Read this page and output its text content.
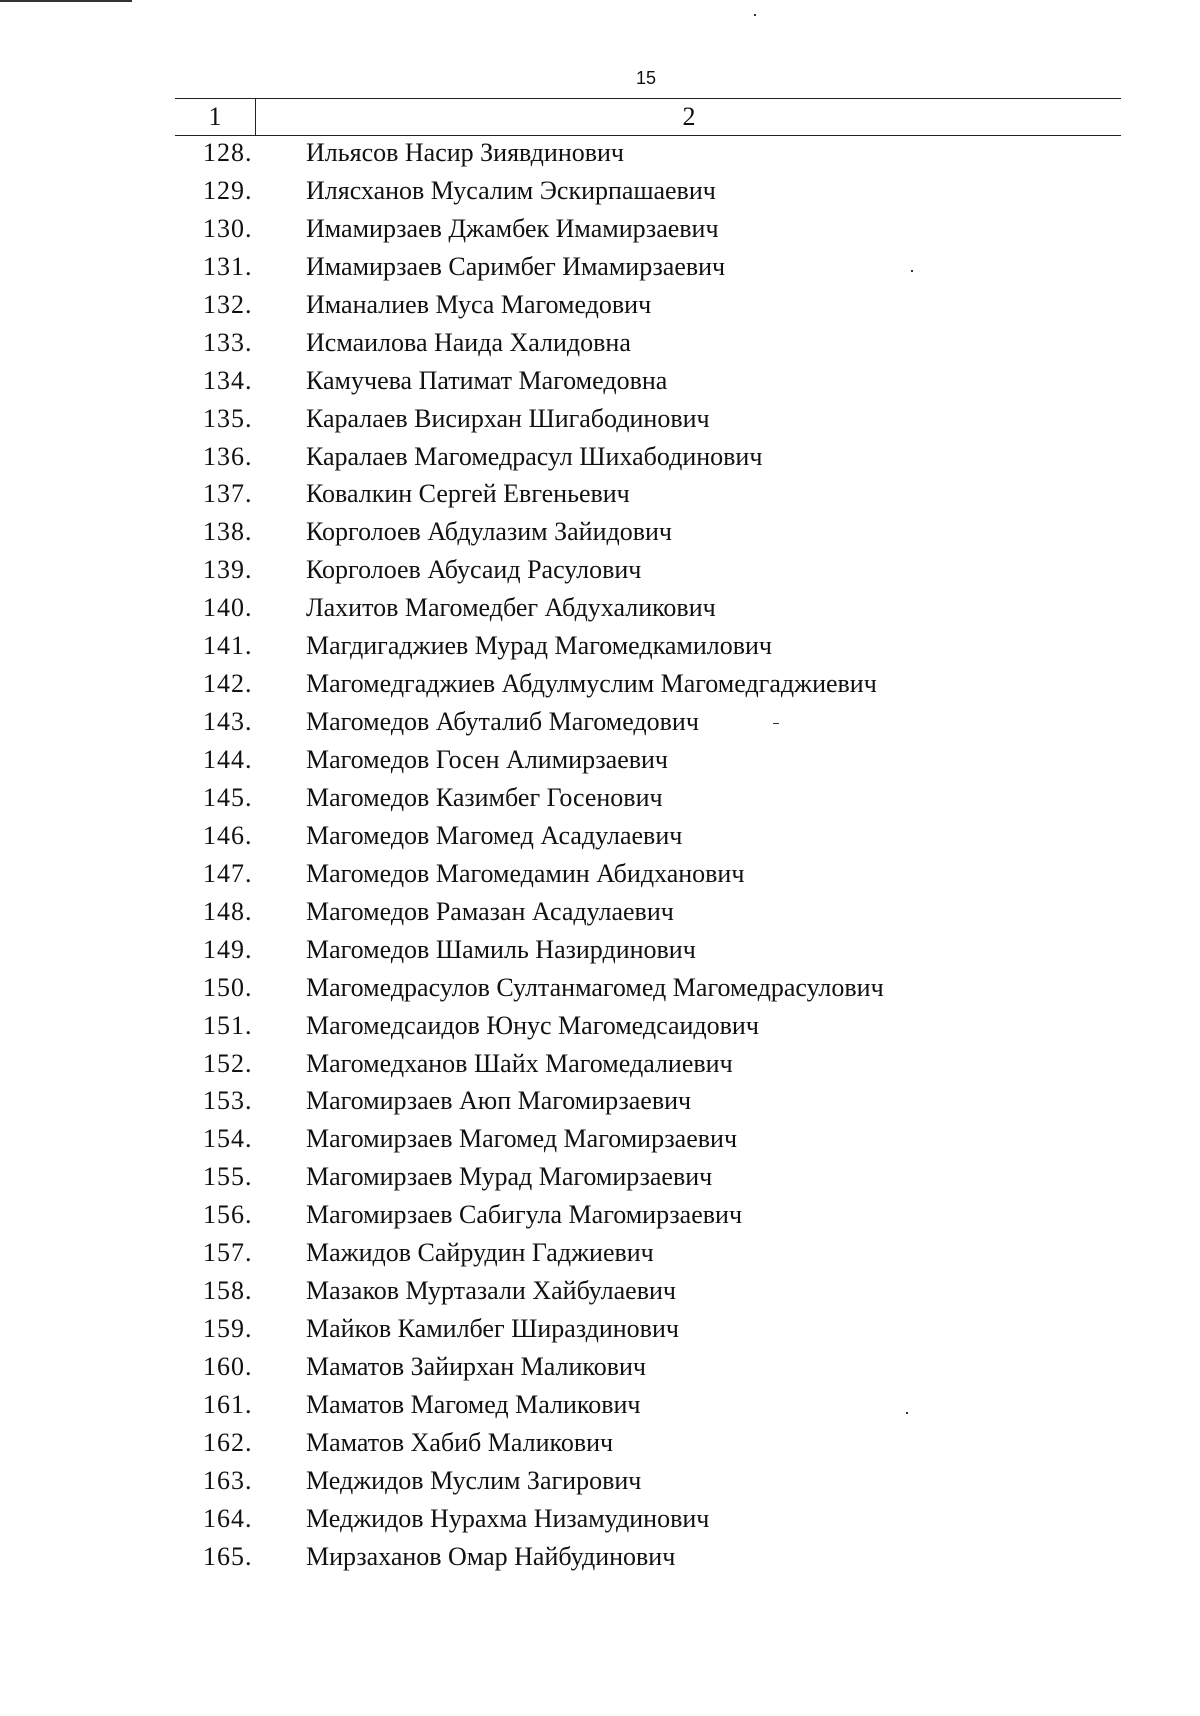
15
1	2
128. Ильясов Насир Зиявдинович
129. Илясханов Мусалим Эскирпашаевич
130. Имамирзаев Джамбек Имамирзаевич
131. Имамирзаев Саримбег Имамирзаевич
132. Иманалиев Муса Магомедович
133. Исмаилова Наида Халидовна
134. Камучева Патимат Магомедовна
135. Каралаев Висирхан Шигабодинович
136. Каралаев Магомедрасул Шихабодинович
137. Ковалкин Сергей Евгеньевич
138. Корголоев Абдулазим Зайидович
139. Корголоев Абусаид Расулович
140. Лахитов Магомедбег Абдухаликович
141. Магдигаджиев Мурад Магомедкамилович
142. Магомедгаджиев Абдулмуслим Магомедгаджиевич
143. Магомедов Абуталиб Магомедович
144. Магомедов Госен Алимирзаевич
145. Магомедов Казимбег Госенович
146. Магомедов Магомед Асадулаевич
147. Магомедов Магомедамин Абидханович
148. Магомедов Рамазан Асадулаевич
149. Магомедов Шамиль Назирдинович
150. Магомедрасулов Султанмагомед Магомедрасулович
151. Магомедсаидов Юнус Магомедсаидович
152. Магомедханов Шайх Магомедалиевич
153. Магомирзаев Аюп Магомирзаевич
154. Магомирзаев Магомед Магомирзаевич
155. Магомирзаев Мурад Магомирзаевич
156. Магомирзаев Сабигула Магомирзаевич
157. Мажидов Сайрудин Гаджиевич
158. Мазаков Муртазали Хайбулаевич
159. Майков Камилбег Шираздинович
160. Маматов Зайирхан Маликович
161. Маматов Магомед Маликович
162. Маматов Хабиб Маликович
163. Меджидов Муслим Загирович
164. Меджидов Нурахма Низамудинович
165. Мирзаханов Омар Найбудинович
